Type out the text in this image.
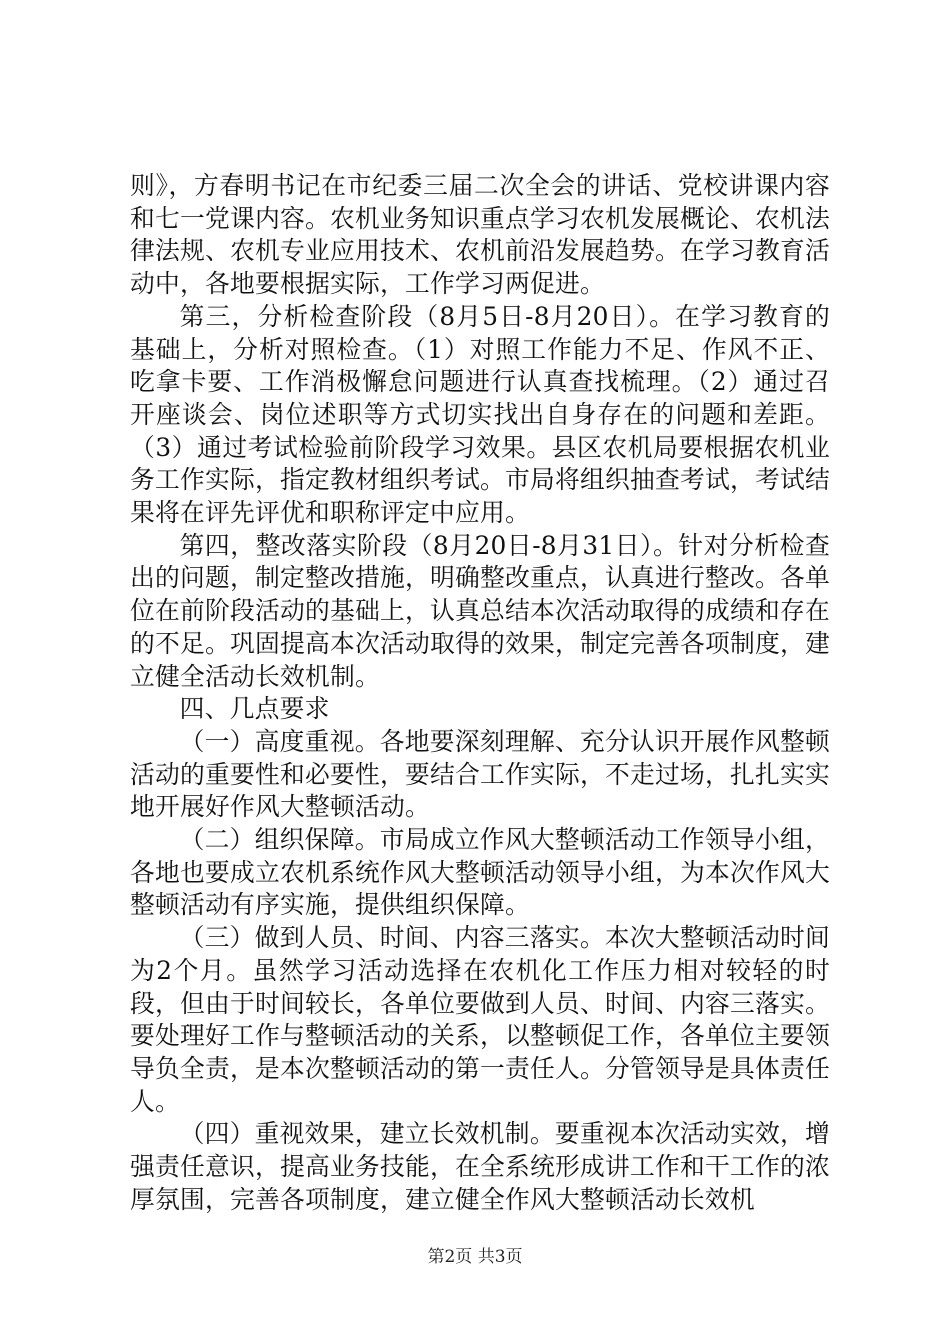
则》，方春明书记在市纪委三届二次全会的讲话、党校讲课内容和七一党课内容。农机业务知识重点学习农机发展概论、农机法律法规、农机专业应用技术、农机前沿发展趋势。在学习教育活动中，各地要根据实际，工作学习两促进。

第三，分析检查阶段（8月5日-8月20日）。在学习教育的基础上，分析对照检查。（1）对照工作能力不足、作风不正、吃拿卡要、工作消极懈怠问题进行认真查找梳理。（2）通过召开座谈会、岗位述职等方式切实找出自身存在的问题和差距。（3）通过考试检验前阶段学习效果。县区农机局要根据农机业务工作实际，指定教材组织考试。市局将组织抽查考试，考试结果将在评先评优和职称评定中应用。

第四，整改落实阶段（8月20日-8月31日）。针对分析检查出的问题，制定整改措施，明确整改重点，认真进行整改。各单位在前阶段活动的基础上，认真总结本次活动取得的成绩和存在的不足。巩固提高本次活动取得的效果，制定完善各项制度，建立健全活动长效机制。

四、几点要求

（一）高度重视。各地要深刻理解、充分认识开展作风整顿活动的重要性和必要性，要结合工作实际，不走过场，扎扎实实地开展好作风大整顿活动。

（二）组织保障。市局成立作风大整顿活动工作领导小组，各地也要成立农机系统作风大整顿活动领导小组，为本次作风大整顿活动有序实施，提供组织保障。

（三）做到人员、时间、内容三落实。本次大整顿活动时间为2个月。虽然学习活动选择在农机化工作压力相对较轻的时段，但由于时间较长，各单位要做到人员、时间、内容三落实。要处理好工作与整顿活动的关系，以整顿促工作，各单位主要领导负全责，是本次整顿活动的第一责任人。分管领导是具体责任人。

（四）重视效果，建立长效机制。要重视本次活动实效，增强责任意识，提高业务技能，在全系统形成讲工作和干工作的浓厚氛围，完善各项制度，建立健全作风大整顿活动长效机

第2页 共3页
